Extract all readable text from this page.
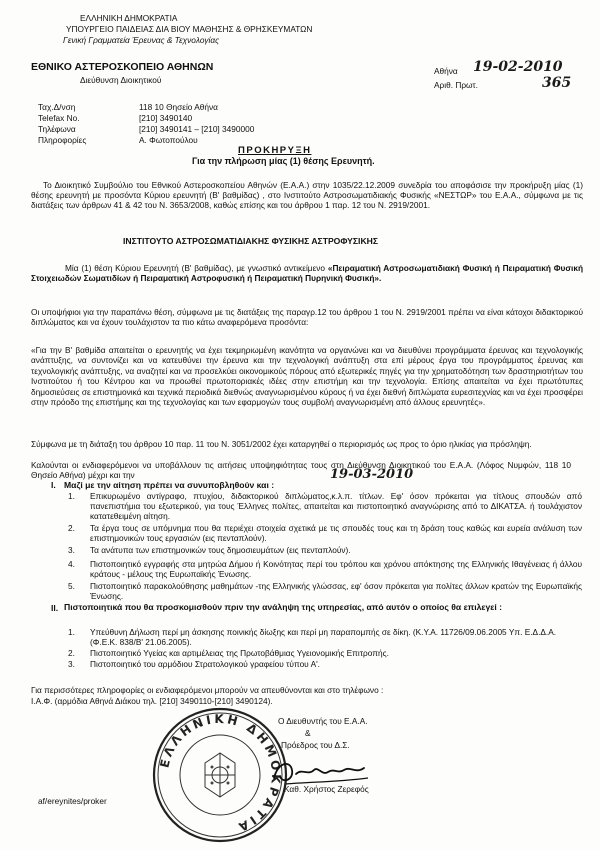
ΕΛΛΗΝΙΚΗ ΔΗΜΟΚΡΑΤΙΑ
ΥΠΟΥΡΓΕΙΟ ΠΑΙΔΕΙΑΣ ΔΙΑ ΒΙΟΥ ΜΑΘΗΣΗΣ & ΘΡΗΣΚΕΥΜΑΤΩΝ
Γενική Γραμματεία Έρευνας & Τεχνολογίας
ΕΘΝΙΚΟ ΑΣΤΕΡΟΣΚΟΠΕΙΟ ΑΘΗΝΩΝ
Διεύθυνση Διοικητικού
Αθήνα 19-02-2010
Αριθ. Πρωτ.	365
Ταχ.Δ/νση	118 10 Θησείο Αθήνα
Telefax No.	[210] 3490140
Τηλέφωνα	[210] 3490141 – [210] 3490000
Πληροφορίες	Α. Φωτοπούλου
ΠΡΟΚΗΡΥΞΗ
Για την πλήρωση μίας (1) θέσης Ερευνητή.
Το Διοικητικό Συμβούλιο του Εθνικού Αστεροσκοπείου Αθηνών (Ε.Α.Α.) στην 1035/22.12.2009 συνεδρία του αποφάσισε την προκήρυξη μίας (1) θέσης ερευνητή με προσόντα Κύριου ερευνητή (Β' βαθμίδας) , στο Ινστιτούτο Αστροσωματιδιακής Φυσικής «ΝΕΣΤΩΡ» του Ε.Α.Α., σύμφωνα με τις διατάξεις των άρθρων 41 & 42 του Ν. 3653/2008, καθώς επίσης και του άρθρου 1 παρ. 12 του Ν. 2919/2001.
ΙΝΣΤΙΤΟΥΤΟ ΑΣΤΡΟΣΩΜΑΤΙΔΙΑΚΗΣ ΦΥΣΙΚΗΣ ΑΣΤΡΟΦΥΣΙΚΗΣ
Μία (1) θέση Κύριου Ερευνητή (Β' βαθμίδας), με γνωστικό αντικείμενο «Πειραματική Αστροσωματιδιακή Φυσική ή Πειραματική Φυσική Στοιχειωδών Σωματιδίων ή Πειραματική Αστροφυσική ή Πειραματική Πυρηνική Φυσική».
Οι υποψήφιοι για την παραπάνω θέση, σύμφωνα με τις διατάξεις της παραγρ.12 του άρθρου 1 του Ν. 2919/2001 πρέπει να είναι κάτοχοι διδακτορικού διπλώματος και να έχουν τουλάχιστον τα πιο κάτω αναφερόμενα προσόντα:
«Για την Β' βαθμίδα απαιτείται ο ερευνητής να έχει τεκμηριωμένη ικανότητα να οργανώνει και να διευθύνει προγράμματα έρευνας και τεχνολογικής ανάπτυξης, να συντονίζει και να κατευθύνει την έρευνα και την τεχνολογική ανάπτυξη στα επί μέρους έργα του προγράμματος έρευνας και τεχνολογικής ανάπτυξης, να αναζητεί και να προσελκύει οικονομικούς πόρους από εξωτερικές πηγές για την χρηματοδότηση των δραστηριοτήτων του Ινστιτούτου ή του Κέντρου και να προωθεί πρωτοποριακές ιδέες στην επιστήμη και την τεχνολογία. Επίσης απαιτείται να έχει πρωτότυπες δημοσιεύσεις σε επιστημονικά και τεχνικά περιοδικά διεθνώς αναγνωρισμένου κύρους ή να έχει διεθνή διπλώματα ευρεσιτεχνίας και να έχει προσφέρει στην πρόοδο της επιστήμης και της τεχνολογίας και των εφαρμογών τους συμβολή αναγνωρισμένη από άλλους ερευνητές».
Σύμφωνα με τη διάταξη του άρθρου 10 παρ. 11 του Ν. 3051/2002 έχει καταργηθεί ο περιορισμός ως προς το όριο ηλικίας για πρόσληψη.
Καλούνται οι ενδιαφερόμενοι να υποβάλλουν τις αιτήσεις υποψηφιότητας τους στη Διεύθυνση Διοικητικού του Ε.Α.Α. (Λόφος Νυμφών, 118 10 Θησείο Αθήνα) μέχρι και την	19-03-2010
I. Μαζί με την αίτηση πρέπει να συνυποβληθούν και :
1. Επικυρωμένο αντίγραφο, πτυχίου, διδακτορικού διπλώματος,κ.λ.π. τίτλων. Εφ' όσον πρόκειται για τίτλους σπουδών από πανεπιστήμια του εξωτερικού, για τους Έλληνες πολίτες, απαιτείται και πιστοποιητικό αναγνώρισης από το ΔΙΚΑΤΣΑ. ή τουλάχιστον κατατεθειμένη αίτηση.
2. Τα έργα τους σε υπόμνημα που θα περιέχει στοιχεία σχετικά με τις σπουδές τους και τη δράση τους καθώς και ευρεία ανάλυση των επιστημονικών τους εργασιών (εις πενταπλούν).
3. Τα ανάτυπα των επιστημονικών τους δημοσιευμάτων (εις πενταπλούν).
4. Πιστοποιητικό εγγραφής στα μητρώα Δήμου ή Κοινότητας περί του τρόπου και χρόνου απόκτησης της Ελληνικής Ιθαγένειας ή άλλου κράτους - μέλους της Ευρωπαϊκής Ένωσης.
5. Πιστοποιητικό παρακολούθησης μαθημάτων -της Ελληνικής γλώσσας, εφ' όσον πρόκειται για πολίτες άλλων κρατών της Ευρωπαϊκής Ένωσης.
II. Πιστοποιητικά που θα προσκομισθούν πριν την ανάληψη της υπηρεσίας, από αυτόν ο οποίος θα επιλεγεί :
1. Υπεύθυνη Δήλωση περί μη άσκησης ποινικής δίωξης και περί μη παραπομπής σε δίκη. (Κ.Υ.Α. 11726/09.06.2005 Υπ. Ε.Δ.Δ.Α. (Φ.Ε.Κ. 838/Β' 21.06.2005).
2. Πιστοποιητικό Υγείας και αρτιμέλειας της Πρωτοβάθμιας Υγειονομικής Επιτροπής.
3. Πιστοποιητικό του αρμόδιου Στρατολογικού γραφείου τύπου Α'.
Για περισσότερες πληροφορίες οι ενδιαφερόμενοι μπορούν να απευθύνονται και στο τηλέφωνο :
Ι.Α.Φ. (αρμόδια Αθηνά Διάκου τηλ. [210] 3490110-[210] 3490124).
ΕΛΛΗΝΙΚΗ ΔΗΜΟΚΡΑΤΙΑ
Ο Διευθυντής του Ε.Α.Α.
&
Πρόεδρος του Δ.Σ.
Καθ. Χρήστος Ζερεφός
af/ereynites/proker
